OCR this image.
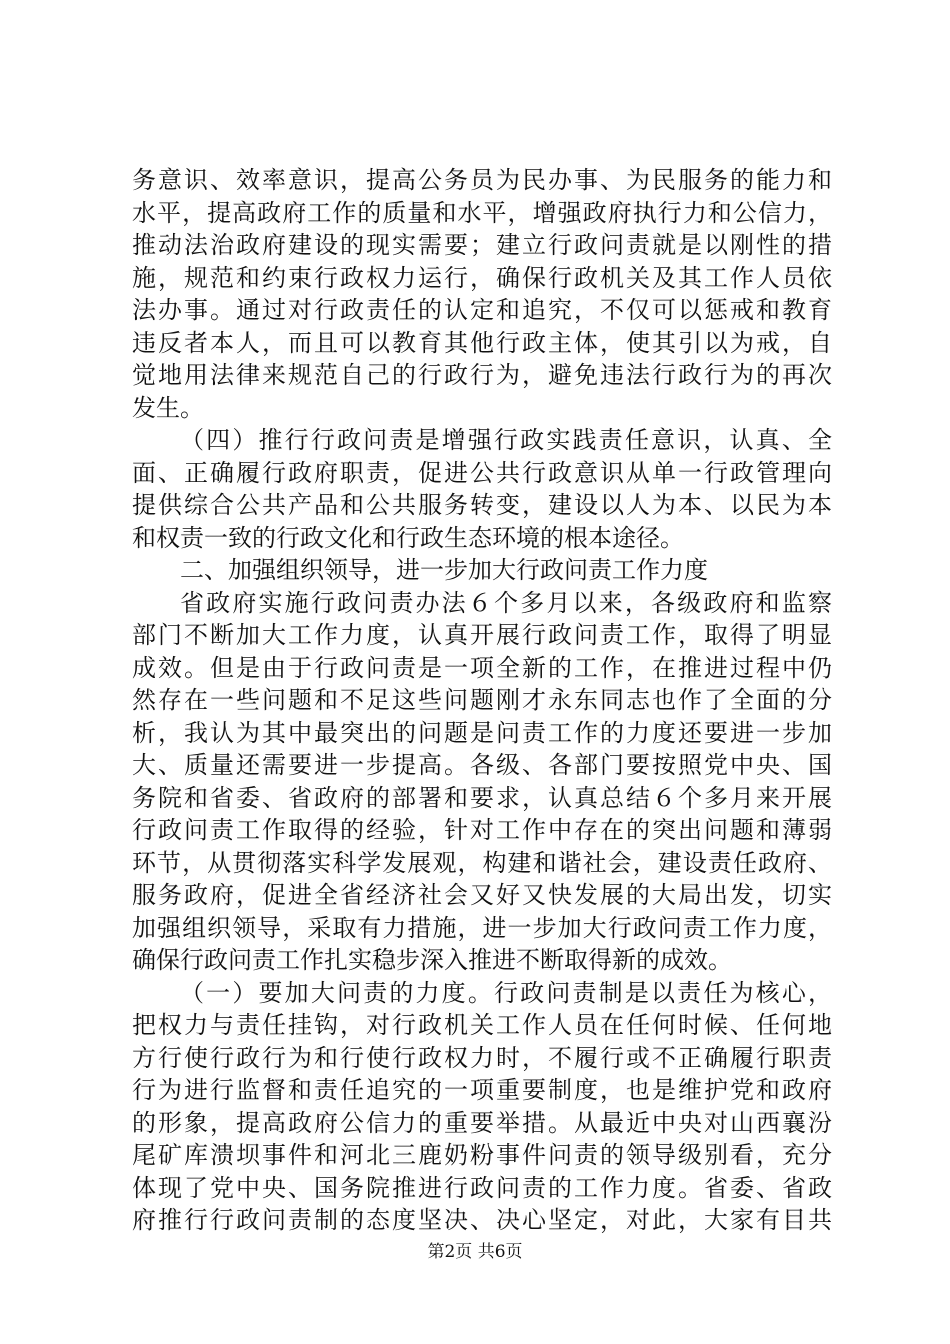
务意识、效率意识，提高公务员为民办事、为民服务的能力和
水平，提高政府工作的质量和水平，增强政府执行力和公信力，
推动法治政府建设的现实需要；建立行政问责就是以刚性的措
施，规范和约束行政权力运行，确保行政机关及其工作人员依
法办事。通过对行政责任的认定和追究，不仅可以惩戒和教育
违反者本人，而且可以教育其他行政主体，使其引以为戒，自
觉地用法律来规范自己的行政行为，避免违法行政行为的再次
发生。
（四）推行行政问责是增强行政实践责任意识，认真、全
面、正确履行政府职责，促进公共行政意识从单一行政管理向
提供综合公共产品和公共服务转变，建设以人为本、以民为本
和权责一致的行政文化和行政生态环境的根本途径。
二、加强组织领导，进一步加大行政问责工作力度
省政府实施行政问责办法６个多月以来，各级政府和监察
部门不断加大工作力度，认真开展行政问责工作，取得了明显
成效。但是由于行政问责是一项全新的工作，在推进过程中仍
然存在一些问题和不足这些问题刚才永东同志也作了全面的分
析，我认为其中最突出的问题是问责工作的力度还要进一步加
大、质量还需要进一步提高。各级、各部门要按照党中央、国
务院和省委、省政府的部署和要求，认真总结６个多月来开展
行政问责工作取得的经验，针对工作中存在的突出问题和薄弱
环节，从贯彻落实科学发展观，构建和谐社会，建设责任政府、
服务政府，促进全省经济社会又好又快发展的大局出发，切实
加强组织领导，采取有力措施，进一步加大行政问责工作力度，
确保行政问责工作扎实稳步深入推进不断取得新的成效。
（一）要加大问责的力度。行政问责制是以责任为核心，
把权力与责任挂钩，对行政机关工作人员在任何时候、任何地
方行使行政行为和行使行政权力时，不履行或不正确履行职责
行为进行监督和责任追究的一项重要制度，也是维护党和政府
的形象，提高政府公信力的重要举措。从最近中央对山西襄汾
尾矿库溃坝事件和河北三鹿奶粉事件问责的领导级别看，充分
体现了党中央、国务院推进行政问责的工作力度。省委、省政
府推行行政问责制的态度坚决、决心坚定，对此，大家有目共
第2页 共6页
